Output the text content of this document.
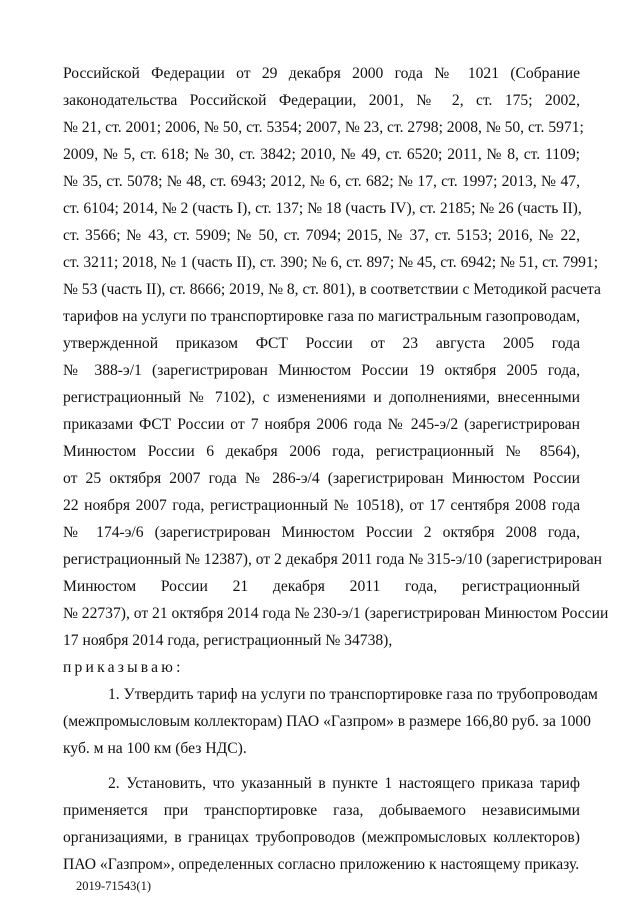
Российской Федерации от 29 декабря 2000 года № 1021 (Собрание
законодательства Российской Федерации, 2001, № 2, ст. 175; 2002,
№ 21, ст. 2001; 2006, № 50, ст. 5354; 2007, № 23, ст. 2798; 2008, № 50, ст. 5971;
2009, № 5, ст. 618; № 30, ст. 3842; 2010, № 49, ст. 6520; 2011, № 8, ст. 1109;
№ 35, ст. 5078; № 48, ст. 6943; 2012, № 6, ст. 682; № 17, ст. 1997; 2013, № 47,
ст. 6104; 2014, № 2 (часть I), ст. 137; № 18 (часть IV), ст. 2185; № 26 (часть II),
ст. 3566; № 43, ст. 5909; № 50, ст. 7094; 2015, № 37, ст. 5153; 2016, № 22,
ст. 3211; 2018, № 1 (часть II), ст. 390; № 6, ст. 897; № 45, ст. 6942; № 51, ст. 7991;
№ 53 (часть II), ст. 8666; 2019, № 8, ст. 801), в соответствии с Методикой расчета
тарифов на услуги по транспортировке газа по магистральным газопроводам,
утвержденной приказом ФСТ России от 23 августа 2005 года
№ 388-э/1 (зарегистрирован Минюстом России 19 октября 2005 года,
регистрационный № 7102), с изменениями и дополнениями, внесенными
приказами ФСТ России от 7 ноября 2006 года № 245-э/2 (зарегистрирован
Минюстом России 6 декабря 2006 года, регистрационный № 8564),
от 25 октября 2007 года № 286-э/4 (зарегистрирован Минюстом России
22 ноября 2007 года, регистрационный № 10518), от 17 сентября 2008 года
№ 174-э/6 (зарегистрирован Минюстом России 2 октября 2008 года,
регистрационный № 12387), от 2 декабря 2011 года № 315-э/10 (зарегистрирован
Минюстом России 21 декабря 2011 года, регистрационный
№ 22737), от 21 октября 2014 года № 230-э/1 (зарегистрирован Минюстом России
17 ноября 2014 года, регистрационный № 34738),
приказываю:
1. Утвердить тариф на услуги по транспортировке газа по трубопроводам
(межпромысловым коллекторам) ПАО «Газпром» в размере 166,80 руб. за 1000
куб. м на 100 км (без НДС).
2. Установить, что указанный в пункте 1 настоящего приказа тариф
применяется при транспортировке газа, добываемого независимыми
организациями, в границах трубопроводов (межпромысловых коллекторов)
ПАО «Газпром», определенных согласно приложению к настоящему приказу.
2019-71543(1)
